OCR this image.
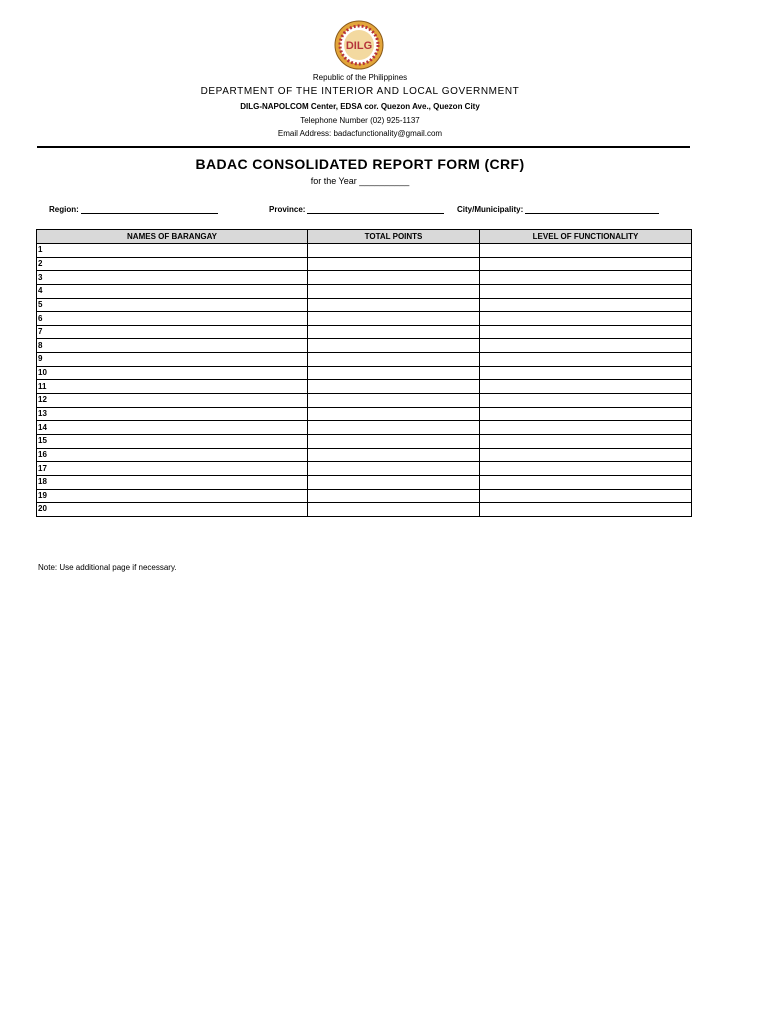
DILG
Republic of the Philippines
DEPARTMENT OF THE INTERIOR AND LOCAL GOVERNMENT
DILG-NAPOLCOM Center, EDSA cor. Quezon Ave., Quezon City
Telephone Number (02) 925-1137
Email Address: badacfunctionality@gmail.com
BADAC CONSOLIDATED REPORT FORM (CRF)
for the Year __________
Region:	Province:	City/Municipality:
NAMES OF BARANGAY	TOTAL POINTS	LEVEL OF FUNCTIONALITY
1		
2		
3		
4		
5		
6		
7		
8		
9		
10		
11		
12		
13		
14		
15		
16		
17		
18		
19		
20		
Note: Use additional page if necessary.
